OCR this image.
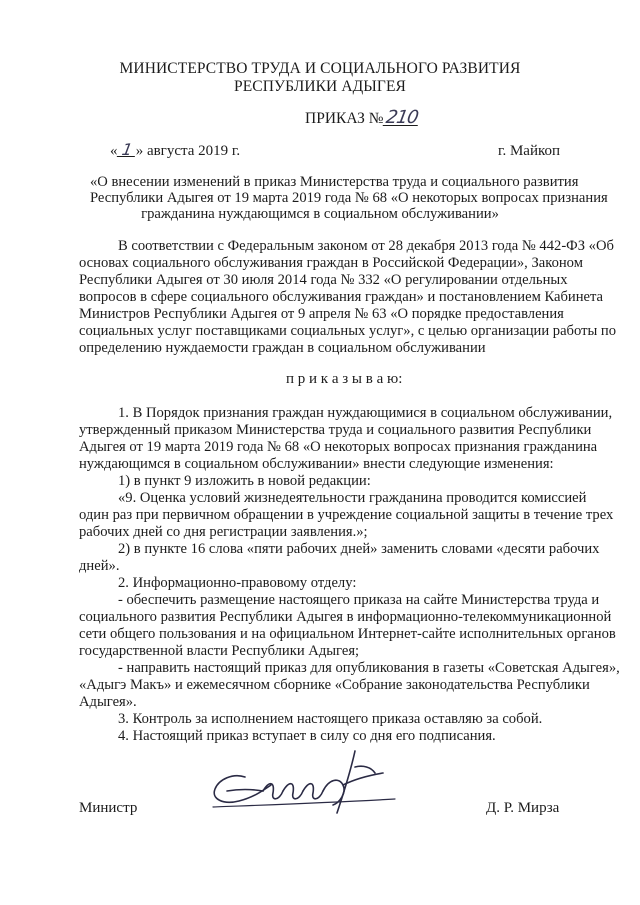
МИНИСТЕРСТВО ТРУДА И СОЦИАЛЬНОГО РАЗВИТИЯ
РЕСПУБЛИКИ АДЫГЕЯ
ПРИКАЗ №210
« 1 » августа 2019 г.	г. Майкоп
«О внесении изменений в приказ Министерства труда и социального развития
Республики Адыгея от 19 марта 2019 года № 68 «О некоторых вопросах признания
гражданина нуждающимся в социальном обслуживании»
В соответствии с Федеральным законом от 28 декабря 2013 года № 442-ФЗ «Об
основах социального обслуживания граждан в Российской Федерации», Законом
Республики Адыгея от 30 июля 2014 года № 332 «О регулировании отдельных
вопросов в сфере социального обслуживания граждан» и постановлением Кабинета
Министров Республики Адыгея от 9 апреля № 63 «О порядке предоставления
социальных услуг поставщиками социальных услуг», с целью организации работы по
определению нуждаемости граждан в социальном обслуживании
п р и к а з ы в а ю:
1. В Порядок признания граждан нуждающимися в социальном обслуживании,
утвержденный приказом Министерства труда и социального развития Республики
Адыгея от 19 марта 2019 года № 68 «О некоторых вопросах признания гражданина
нуждающимся в социальном обслуживании» внести следующие изменения:
1) в пункт 9 изложить в новой редакции:
«9. Оценка условий жизнедеятельности гражданина проводится комиссией
один раз при первичном обращении в учреждение социальной защиты в течение трех
рабочих дней со дня регистрации заявления.»;
2) в пункте 16 слова «пяти рабочих дней» заменить словами «десяти рабочих
дней».
2. Информационно-правовому отделу:
- обеспечить размещение настоящего приказа на сайте Министерства труда и
социального развития Республики Адыгея в информационно-телекоммуникационной
сети общего пользования и на официальном Интернет-сайте исполнительных органов
государственной власти Республики Адыгея;
- направить настоящий приказ для опубликования в газеты «Советская Адыгея»,
«Адыгэ Макъ» и ежемесячном сборнике «Собрание законодательства Республики
Адыгея».
3. Контроль за исполнением настоящего приказа оставляю за собой.
4. Настоящий приказ вступает в силу со дня его подписания.
Министр	Д. Р. Мирза
